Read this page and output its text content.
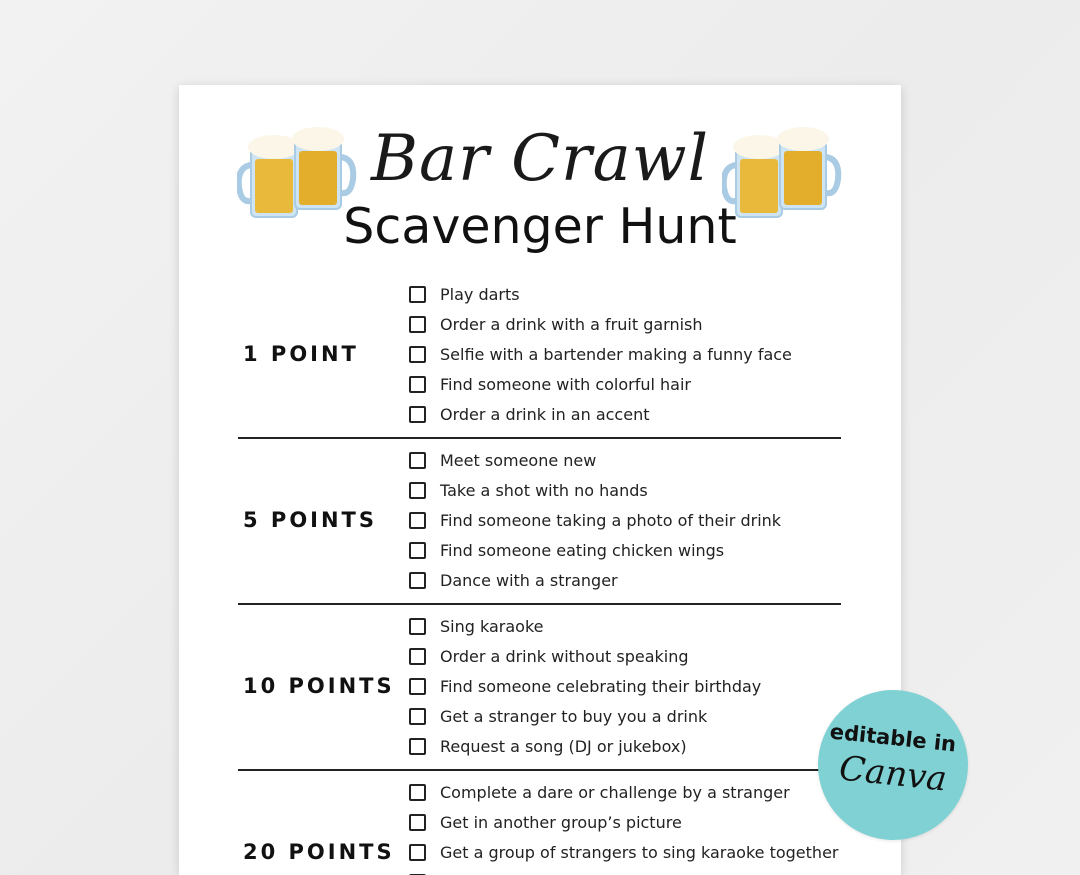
Bar Crawl
Scavenger Hunt
1 POINT
Play darts
Order a drink with a fruit garnish
Selfie with a bartender making a funny face
Find someone with colorful hair
Order a drink in an accent
5 POINTS
Meet someone new
Take a shot with no hands
Find someone taking a photo of their drink
Find someone eating chicken wings
Dance with a stranger
10 POINTS
Sing karaoke
Order a drink without speaking
Find someone celebrating their birthday
Get a stranger to buy you a drink
Request a song (DJ or jukebox)
20 POINTS
Complete a dare or challenge by a stranger
Get in another group’s picture
Get a group of strangers to sing karaoke together
editable in
Canva
